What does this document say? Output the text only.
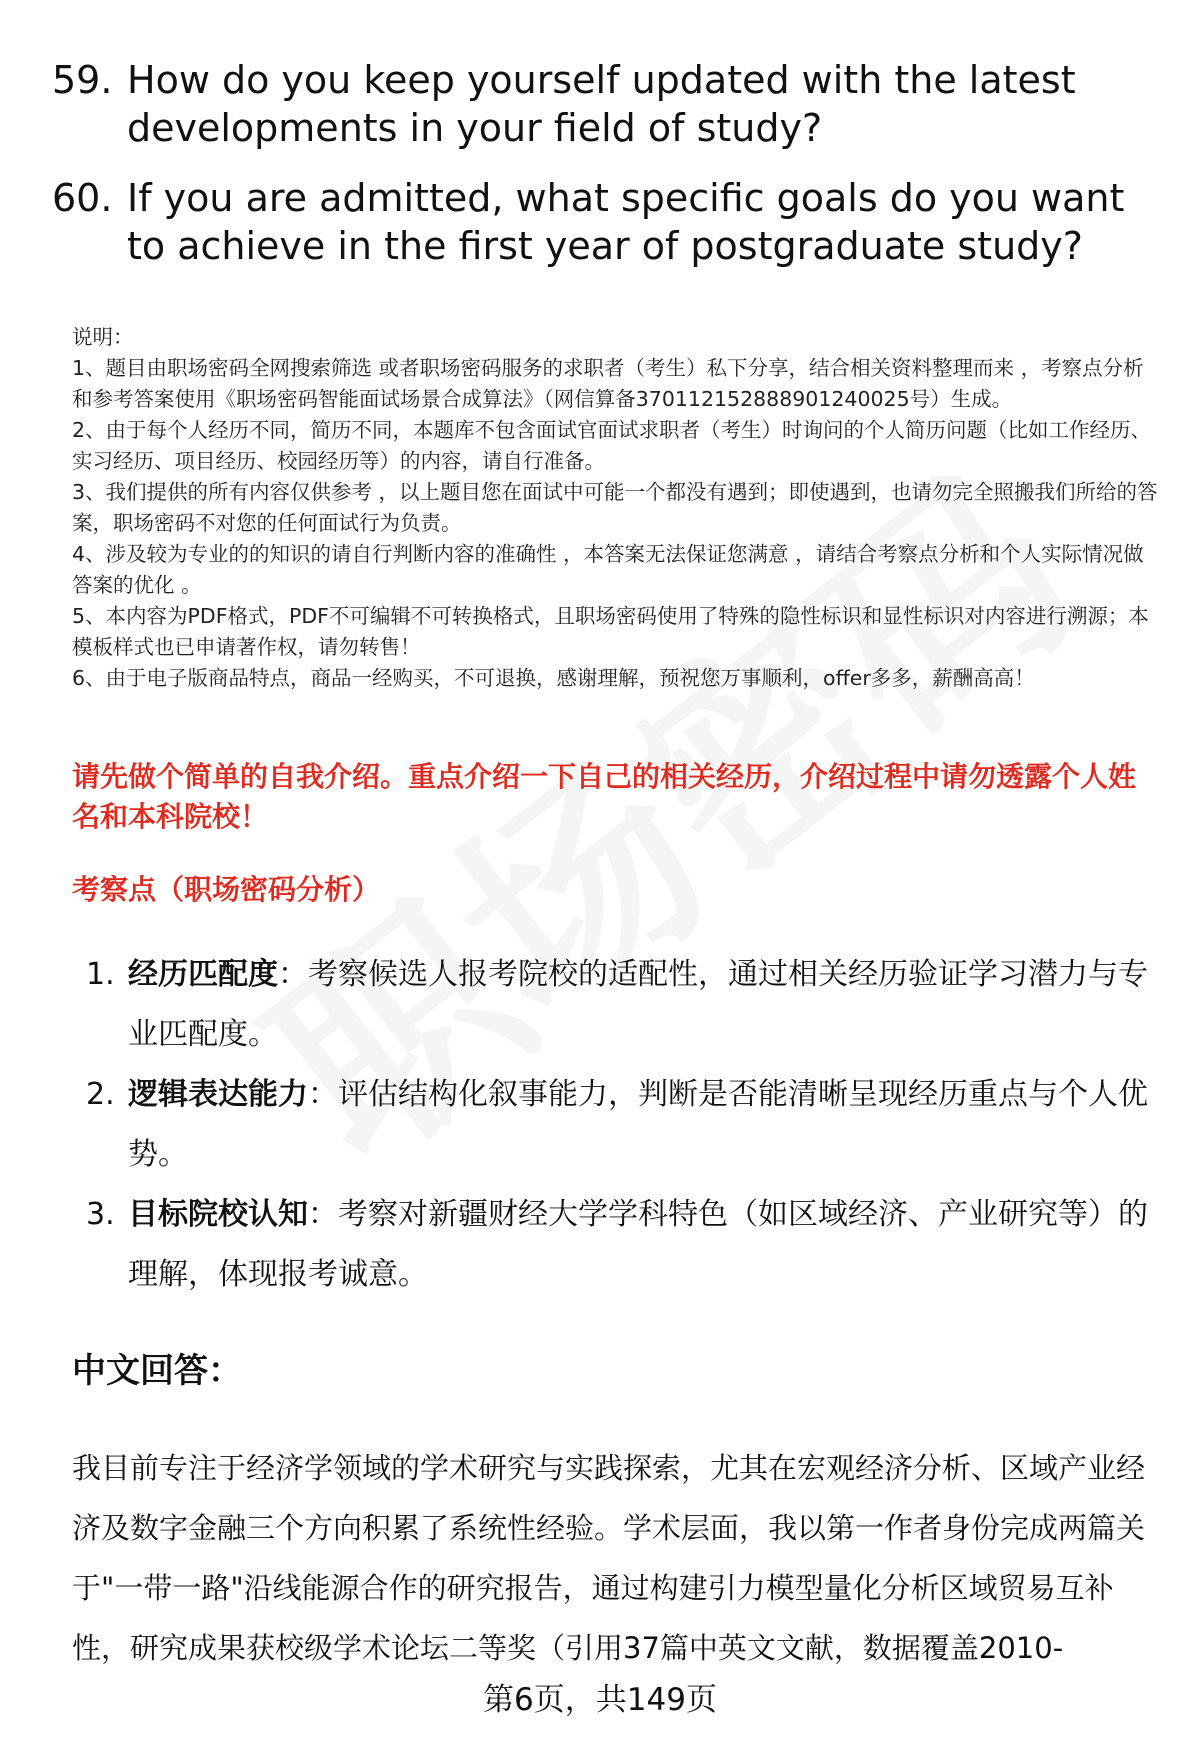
59. How do you keep yourself updated with the latest developments in your field of study?
60. If you are admitted, what specific goals do you want to achieve in the first year of postgraduate study?

说明：

1、题目由职场密码全网搜索筛选 或者职场密码服务的求职者（考生）私下分享，结合相关资料整理而来 ，考察点分析和参考答案使用《职场密码智能面试场景合成算法》（网信算备370112152888901240025号）生成。

2、由于每个人经历不同，简历不同，本题库不包含面试官面试求职者（考生）时询问的个人简历问题（比如工作经历、实习经历、项目经历、校园经历等）的内容，请自行准备。

3、我们提供的所有内容仅供参考 ，以上题目您在面试中可能一个都没有遇到；即使遇到，也请勿完全照搬我们所给的答案，职场密码不对您的任何面试行为负责。

4、涉及较为专业的的知识的请自行判断内容的准确性 ，本答案无法保证您满意 ，请结合考察点分析和个人实际情况做答案的优化 。

5、本内容为PDF格式，PDF不可编辑不可转换格式，且职场密码使用了特殊的隐性标识和显性标识对内容进行溯源；本模板样式也已申请著作权，请勿转售！

6、由于电子版商品特点，商品一经购买，不可退换，感谢理解，预祝您万事顺利，offer多多，薪酬高高！

请先做个简单的自我介绍。重点介绍一下自己的相关经历，介绍过程中请勿透露个人姓名和本科院校！
考察点（职场密码分析）
1. 经历匹配度：考察候选人报考院校的适配性，通过相关经历验证学习潜力与专业匹配度。
2. 逻辑表达能力：评估结构化叙事能力，判断是否能清晰呈现经历重点与个人优势。
3. 目标院校认知：考察对新疆财经大学学科特色（如区域经济、产业研究等）的理解，体现报考诚意。
中文回答：

我目前专注于经济学领域的学术研究与实践探索，尤其在宏观经济分析、区域产业经济及数字金融三个方向积累了系统性经验。学术层面，我以第一作者身份完成两篇关于"一带一路"沿线能源合作的研究报告，通过构建引力模型量化分析区域贸易互补性，研究成果获校级学术论坛二等奖（引用37篇中英文文献，数据覆盖2010-

第6页，共149页
